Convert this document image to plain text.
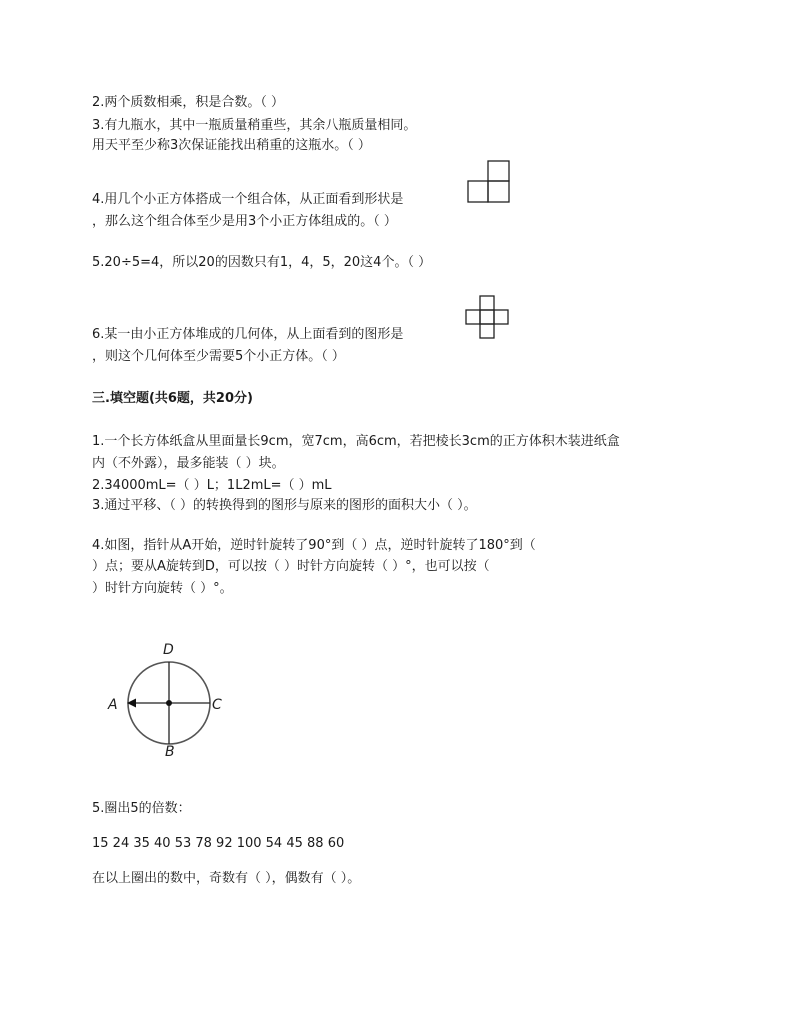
2.两个质数相乘，积是合数。（ ）
3.有九瓶水，其中一瓶质量稍重些，其余八瓶质量相同。
用天平至少称3次保证能找出稍重的这瓶水。（ ）
4.用几个小正方体搭成一个组合体，从正面看到形状是
，那么这个组合体至少是用3个小正方体组成的。（ ）
5.20÷5=4，所以20的因数只有1，4，5，20这4个。（ ）
6.某一由小正方体堆成的几何体，从上面看到的图形是
，则这个几何体至少需要5个小正方体。（ ）
三.填空题(共6题，共20分)
1.一个长方体纸盒从里面量长9cm，宽7cm，高6cm，若把棱长3cm的正方体积木装进纸盒
内（不外露），最多能装（ ）块。
2.34000mL=（ ）L；1L2mL=（ ）mL
3.通过平移、（ ）的转换得到的图形与原来的图形的面积大小（ ）。
4.如图，指针从A开始，逆时针旋转了90°到（ ）点，逆时针旋转了180°到（
）点；要从A旋转到D，可以按（ ）时针方向旋转（ ）°，也可以按（
）时针方向旋转（ ）°。
D
A	C
B
5.圈出5的倍数：
15 24 35 40 53 78 92 100 54 45 88 60
在以上圈出的数中，奇数有（ ），偶数有（ ）。
